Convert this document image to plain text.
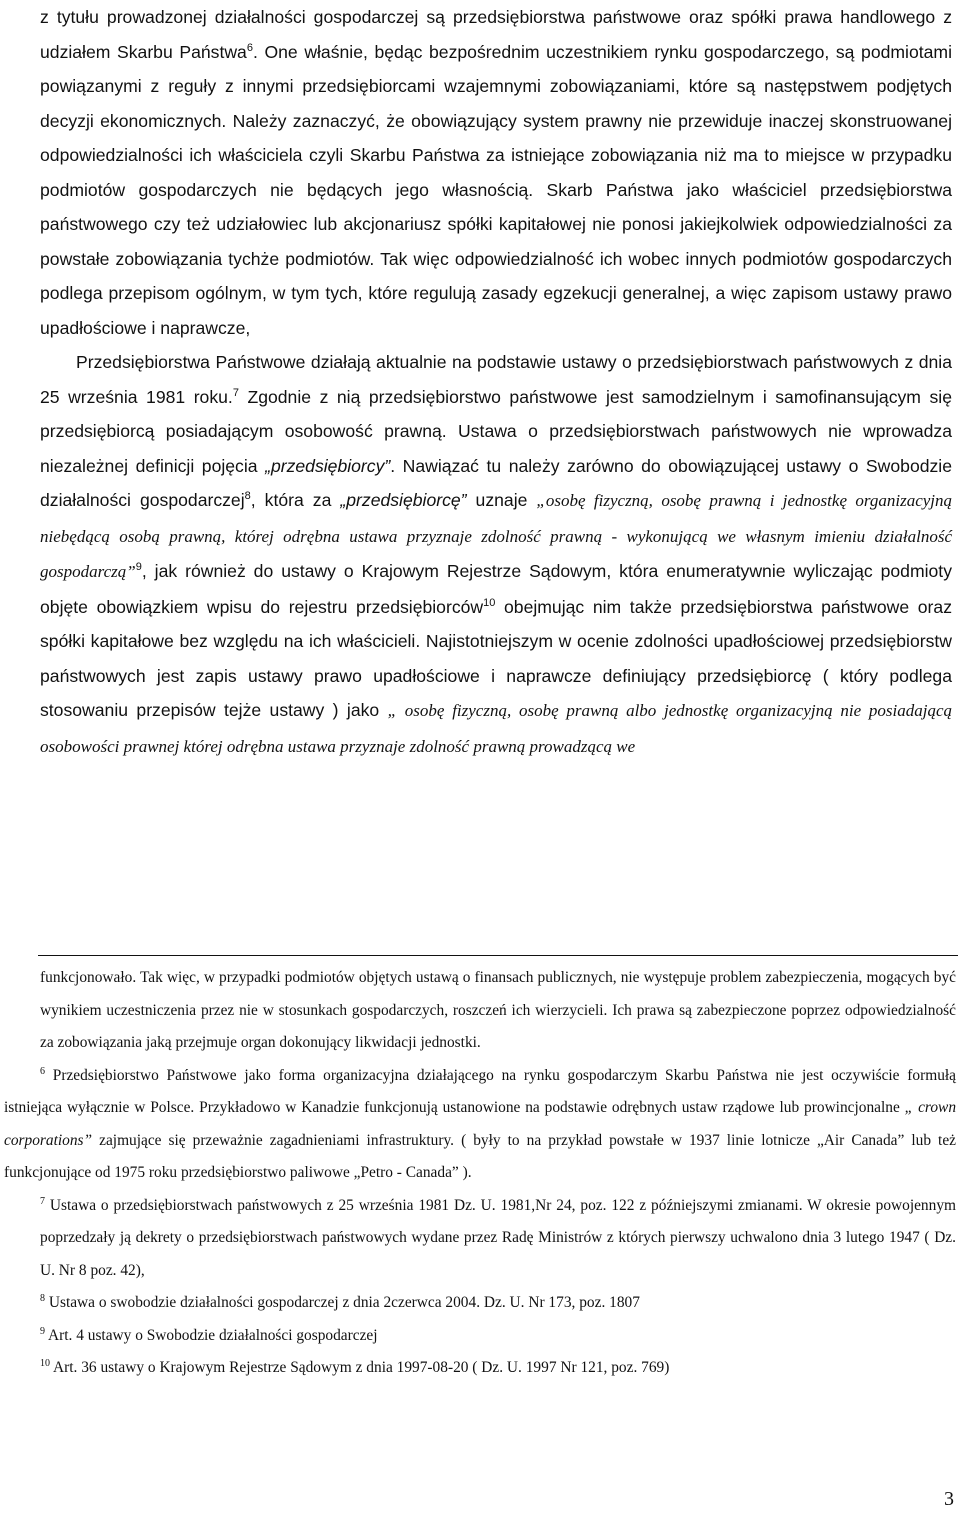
z tytułu prowadzonej działalności gospodarczej są przedsiębiorstwa państwowe oraz spółki prawa handlowego z udziałem Skarbu Państwa$^6$. One właśnie, będąc bezpośrednim uczestnikiem rynku gospodarczego, są podmiotami powiązanymi z reguły z innymi przedsiębiorcami wzajemnymi zobowiązaniami, które są następstwem podjętych decyzji ekonomicznych. Należy zaznaczyć, że obowiązujący system prawny nie przewiduje inaczej skonstruowanej odpowiedzialności ich właściciela czyli Skarbu Państwa za istniejące zobowiązania niż ma to miejsce w przypadku podmiotów gospodarczych nie będących jego własnością. Skarb Państwa jako właściciel przedsiębiorstwa państwowego czy też udziałowiec lub akcjonariusz spółki kapitałowej nie ponosi jakiejkolwiek odpowiedzialności za powstałe zobowiązania tychże podmiotów. Tak więc odpowiedzialność ich wobec innych podmiotów gospodarczych podlega przepisom ogólnym, w tym tych, które regulują zasady egzekucji generalnej, a więc zapisom ustawy prawo upadłościowe i naprawcze,

Przedsiębiorstwa Państwowe działają aktualnie na podstawie ustawy o przedsiębiorstwach państwowych z dnia 25 września 1981 roku.$^7$ Zgodnie z nią przedsiębiorstwo państwowe jest samodzielnym i samofinansującym się przedsiębiorcą posiadającym osobowość prawną. Ustawa o przedsiębiorstwach państwowych nie wprowadza niezależnej definicji pojęcia „przedsiębiorcy”. Nawiązać tu należy zarówno do obowiązującej ustawy o Swobodzie działalności gospodarczej$^8$, która za „przedsiębiorcę” uznaje „osobę fizyczną, osobę prawną i jednostkę organizacyjną niebędącą osobą prawną, której odrębna ustawa przyznaje zdolność prawną - wykonującą we własnym imieniu działalność gospodarczą”$^9$, jak również do ustawy o Krajowym Rejestrze Sądowym, która enumeratywnie wyliczając podmioty objęte obowiązkiem wpisu do rejestru przedsiębiorców$^{10}$ obejmując nim także przedsiębiorstwa państwowe oraz spółki kapitałowe bez względu na ich właścicieli. Najistotniejszym w ocenie zdolności upadłościowej przedsiębiorstw państwowych jest zapis ustawy prawo upadłościowe i naprawcze definiujący przedsiębiorcę ( który podlega stosowaniu przepisów tejże ustawy ) jako „ osobę fizyczną, osobę prawną albo jednostkę organizacyjną nie posiadającą osobowości prawnej której odrębna ustawa przyznaje zdolność prawną prowadzącą we

funkcjonowało. Tak więc, w przypadki podmiotów objętych ustawą o finansach publicznych, nie występuje problem zabezpieczenia, mogących być wynikiem uczestniczenia przez nie w stosunkach gospodarczych, roszczeń ich wierzycieli. Ich prawa są zabezpieczone poprzez odpowiedzialność za zobowiązania jaką przejmuje organ dokonujący likwidacji jednostki.

$^6$ Przedsiębiorstwo Państwowe jako forma organizacyjna działającego na rynku gospodarczym Skarbu Państwa nie jest oczywiście formułą istniejąca wyłącznie w Polsce. Przykładowo w Kanadzie funkcjonują ustanowione na podstawie odrębnych ustaw rządowe lub prowincjonalne „ crown corporations” zajmujące się przeważnie zagadnieniami infrastruktury. ( były to na przykład powstałe w 1937 linie lotnicze „Air Canada” lub też funkcjonujące od 1975 roku przedsiębiorstwo paliwowe „Petro - Canada” ).

$^7$ Ustawa o przedsiębiorstwach państwowych z 25 września 1981 Dz. U. 1981,Nr 24, poz. 122 z późniejszymi zmianami. W okresie powojennym poprzedzały ją dekrety o przedsiębiorstwach państwowych wydane przez Radę Ministrów z których pierwszy uchwalono dnia 3 lutego 1947 ( Dz. U. Nr 8 poz. 42),

$^8$ Ustawa o swobodzie działalności gospodarczej z dnia 2czerwca 2004. Dz. U. Nr 173, poz. 1807

$^9$ Art. 4 ustawy o Swobodzie działalności gospodarczej

$^{10}$ Art. 36 ustawy o Krajowym Rejestrze Sądowym z dnia 1997-08-20 ( Dz. U. 1997 Nr 121, poz. 769)

3
